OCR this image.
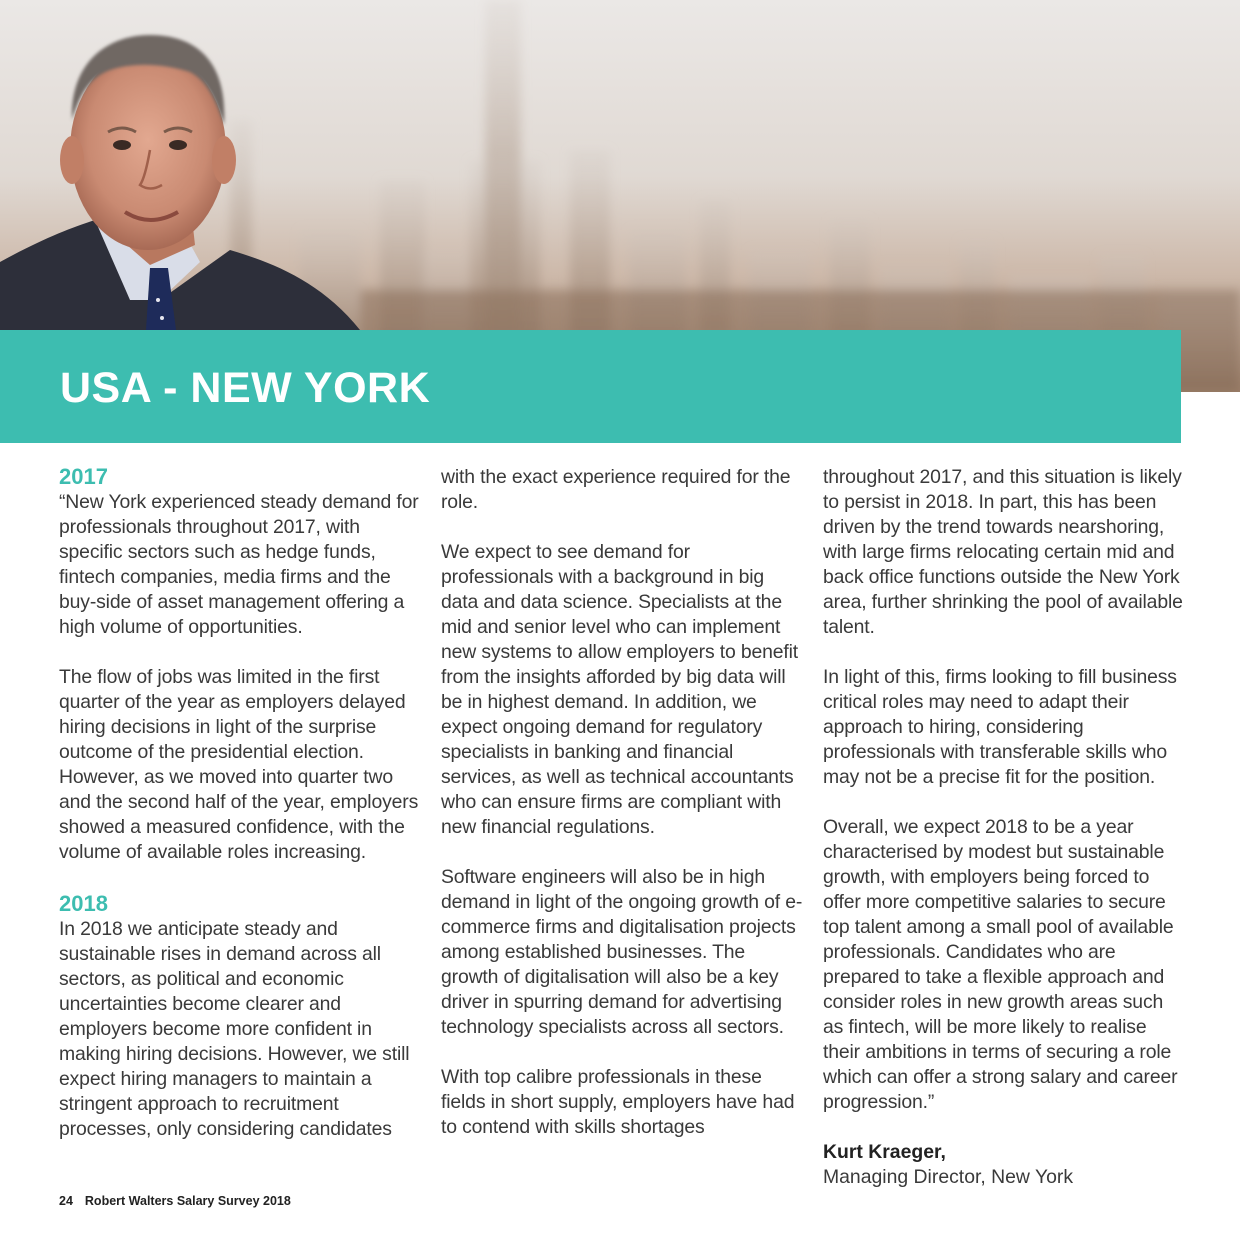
USA - NEW YORK
2017

“New York experienced steady demand for professionals throughout 2017, with specific sectors such as hedge funds, fintech companies, media firms and the buy-side of asset management offering a high volume of opportunities.

The flow of jobs was limited in the first quarter of the year as employers delayed hiring decisions in light of the surprise outcome of the presidential election. However, as we moved into quarter two and the second half of the year, employers showed a measured confidence, with the volume of available roles increasing.

2018

In 2018 we anticipate steady and sustainable rises in demand across all sectors, as political and economic uncertainties become clearer and employers become more confident in making hiring decisions. However, we still expect hiring managers to maintain a stringent approach to recruitment processes, only considering candidates

with the exact experience required for the role.

We expect to see demand for professionals with a background in big data and data science. Specialists at the mid and senior level who can implement new systems to allow employers to benefit from the insights afforded by big data will be in highest demand. In addition, we expect ongoing demand for regulatory specialists in banking and financial services, as well as technical accountants who can ensure firms are compliant with new financial regulations.

Software engineers will also be in high demand in light of the ongoing growth of e-commerce firms and digitalisation projects among established businesses. The growth of digitalisation will also be a key driver in spurring demand for advertising technology specialists across all sectors.

With top calibre professionals in these fields in short supply, employers have had to contend with skills shortages

throughout 2017, and this situation is likely to persist in 2018. In part, this has been driven by the trend towards nearshoring, with large firms relocating certain mid and back office functions outside the New York area, further shrinking the pool of available talent.

In light of this, firms looking to fill business critical roles may need to adapt their approach to hiring, considering professionals with transferable skills who may not be a precise fit for the position.

Overall, we expect 2018 to be a year characterised by modest but sustainable growth, with employers being forced to offer more competitive salaries to secure top talent among a small pool of available professionals. Candidates who are prepared to take a flexible approach and consider roles in new growth areas such as fintech, will be more likely to realise their ambitions in terms of securing a role which can offer a strong salary and career progression.”

Kurt Kraeger,
Managing Director, New York
24 Robert Walters Salary Survey 2018
